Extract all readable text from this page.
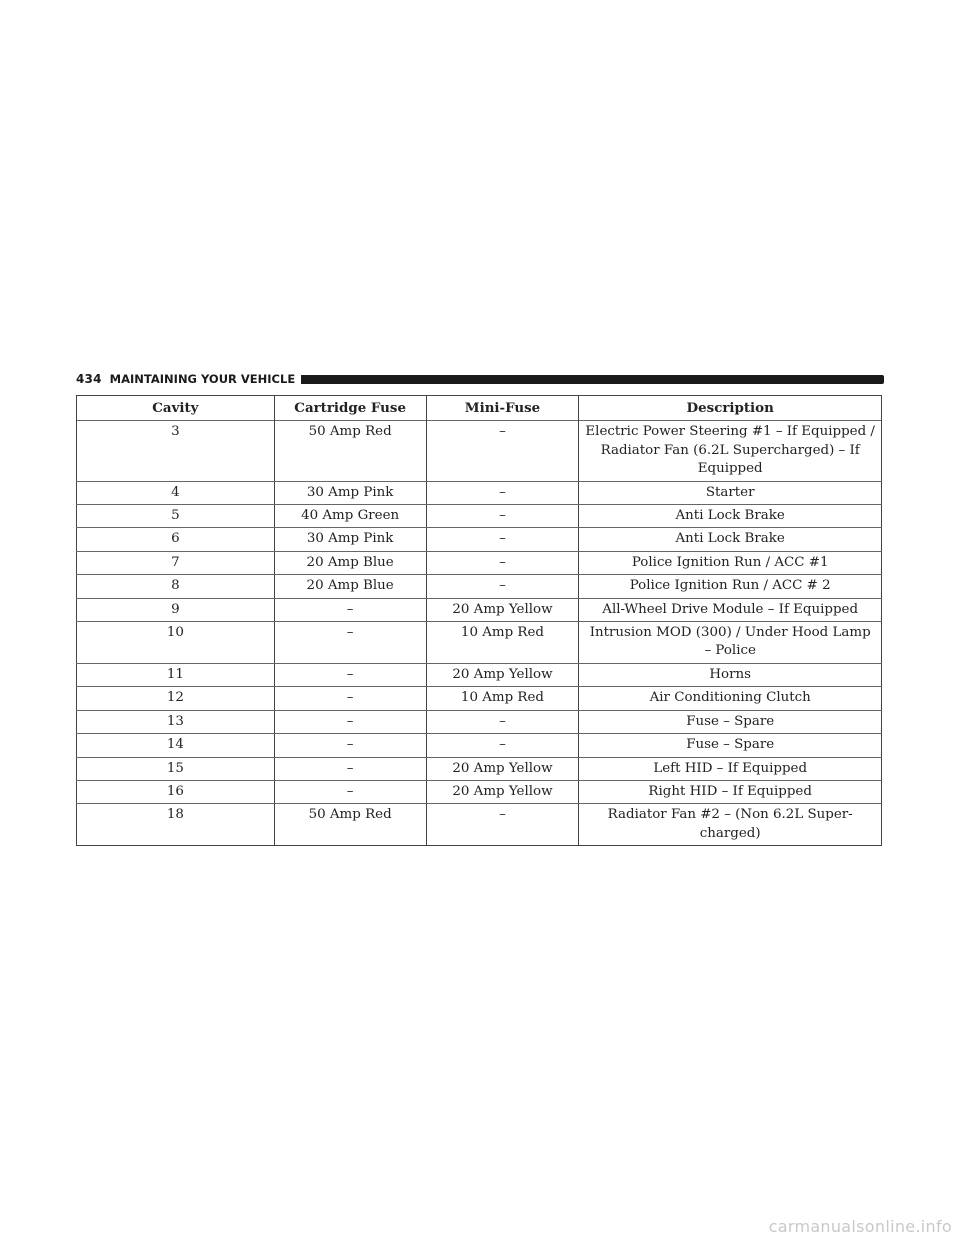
434 MAINTAINING YOUR VEHICLE
Cavity	Cartridge Fuse	Mini-Fuse	Description
3	50 Amp Red	–	Electric Power Steering #1 – If Equipped / Radiator Fan (6.2L Supercharged) – If Equipped
4	30 Amp Pink	–	Starter
5	40 Amp Green	–	Anti Lock Brake
6	30 Amp Pink	–	Anti Lock Brake
7	20 Amp Blue	–	Police Ignition Run / ACC #1
8	20 Amp Blue	–	Police Ignition Run / ACC # 2
9	–	20 Amp Yellow	All-Wheel Drive Module – If Equipped
10	–	10 Amp Red	Intrusion MOD (300) / Under Hood Lamp – Police
11	–	20 Amp Yellow	Horns
12	–	10 Amp Red	Air Conditioning Clutch
13	–	–	Fuse – Spare
14	–	–	Fuse – Spare
15	–	20 Amp Yellow	Left HID – If Equipped
16	–	20 Amp Yellow	Right HID – If Equipped
18	50 Amp Red	–	Radiator Fan #2 – (Non 6.2L Super-charged)
carmanualsonline.info
